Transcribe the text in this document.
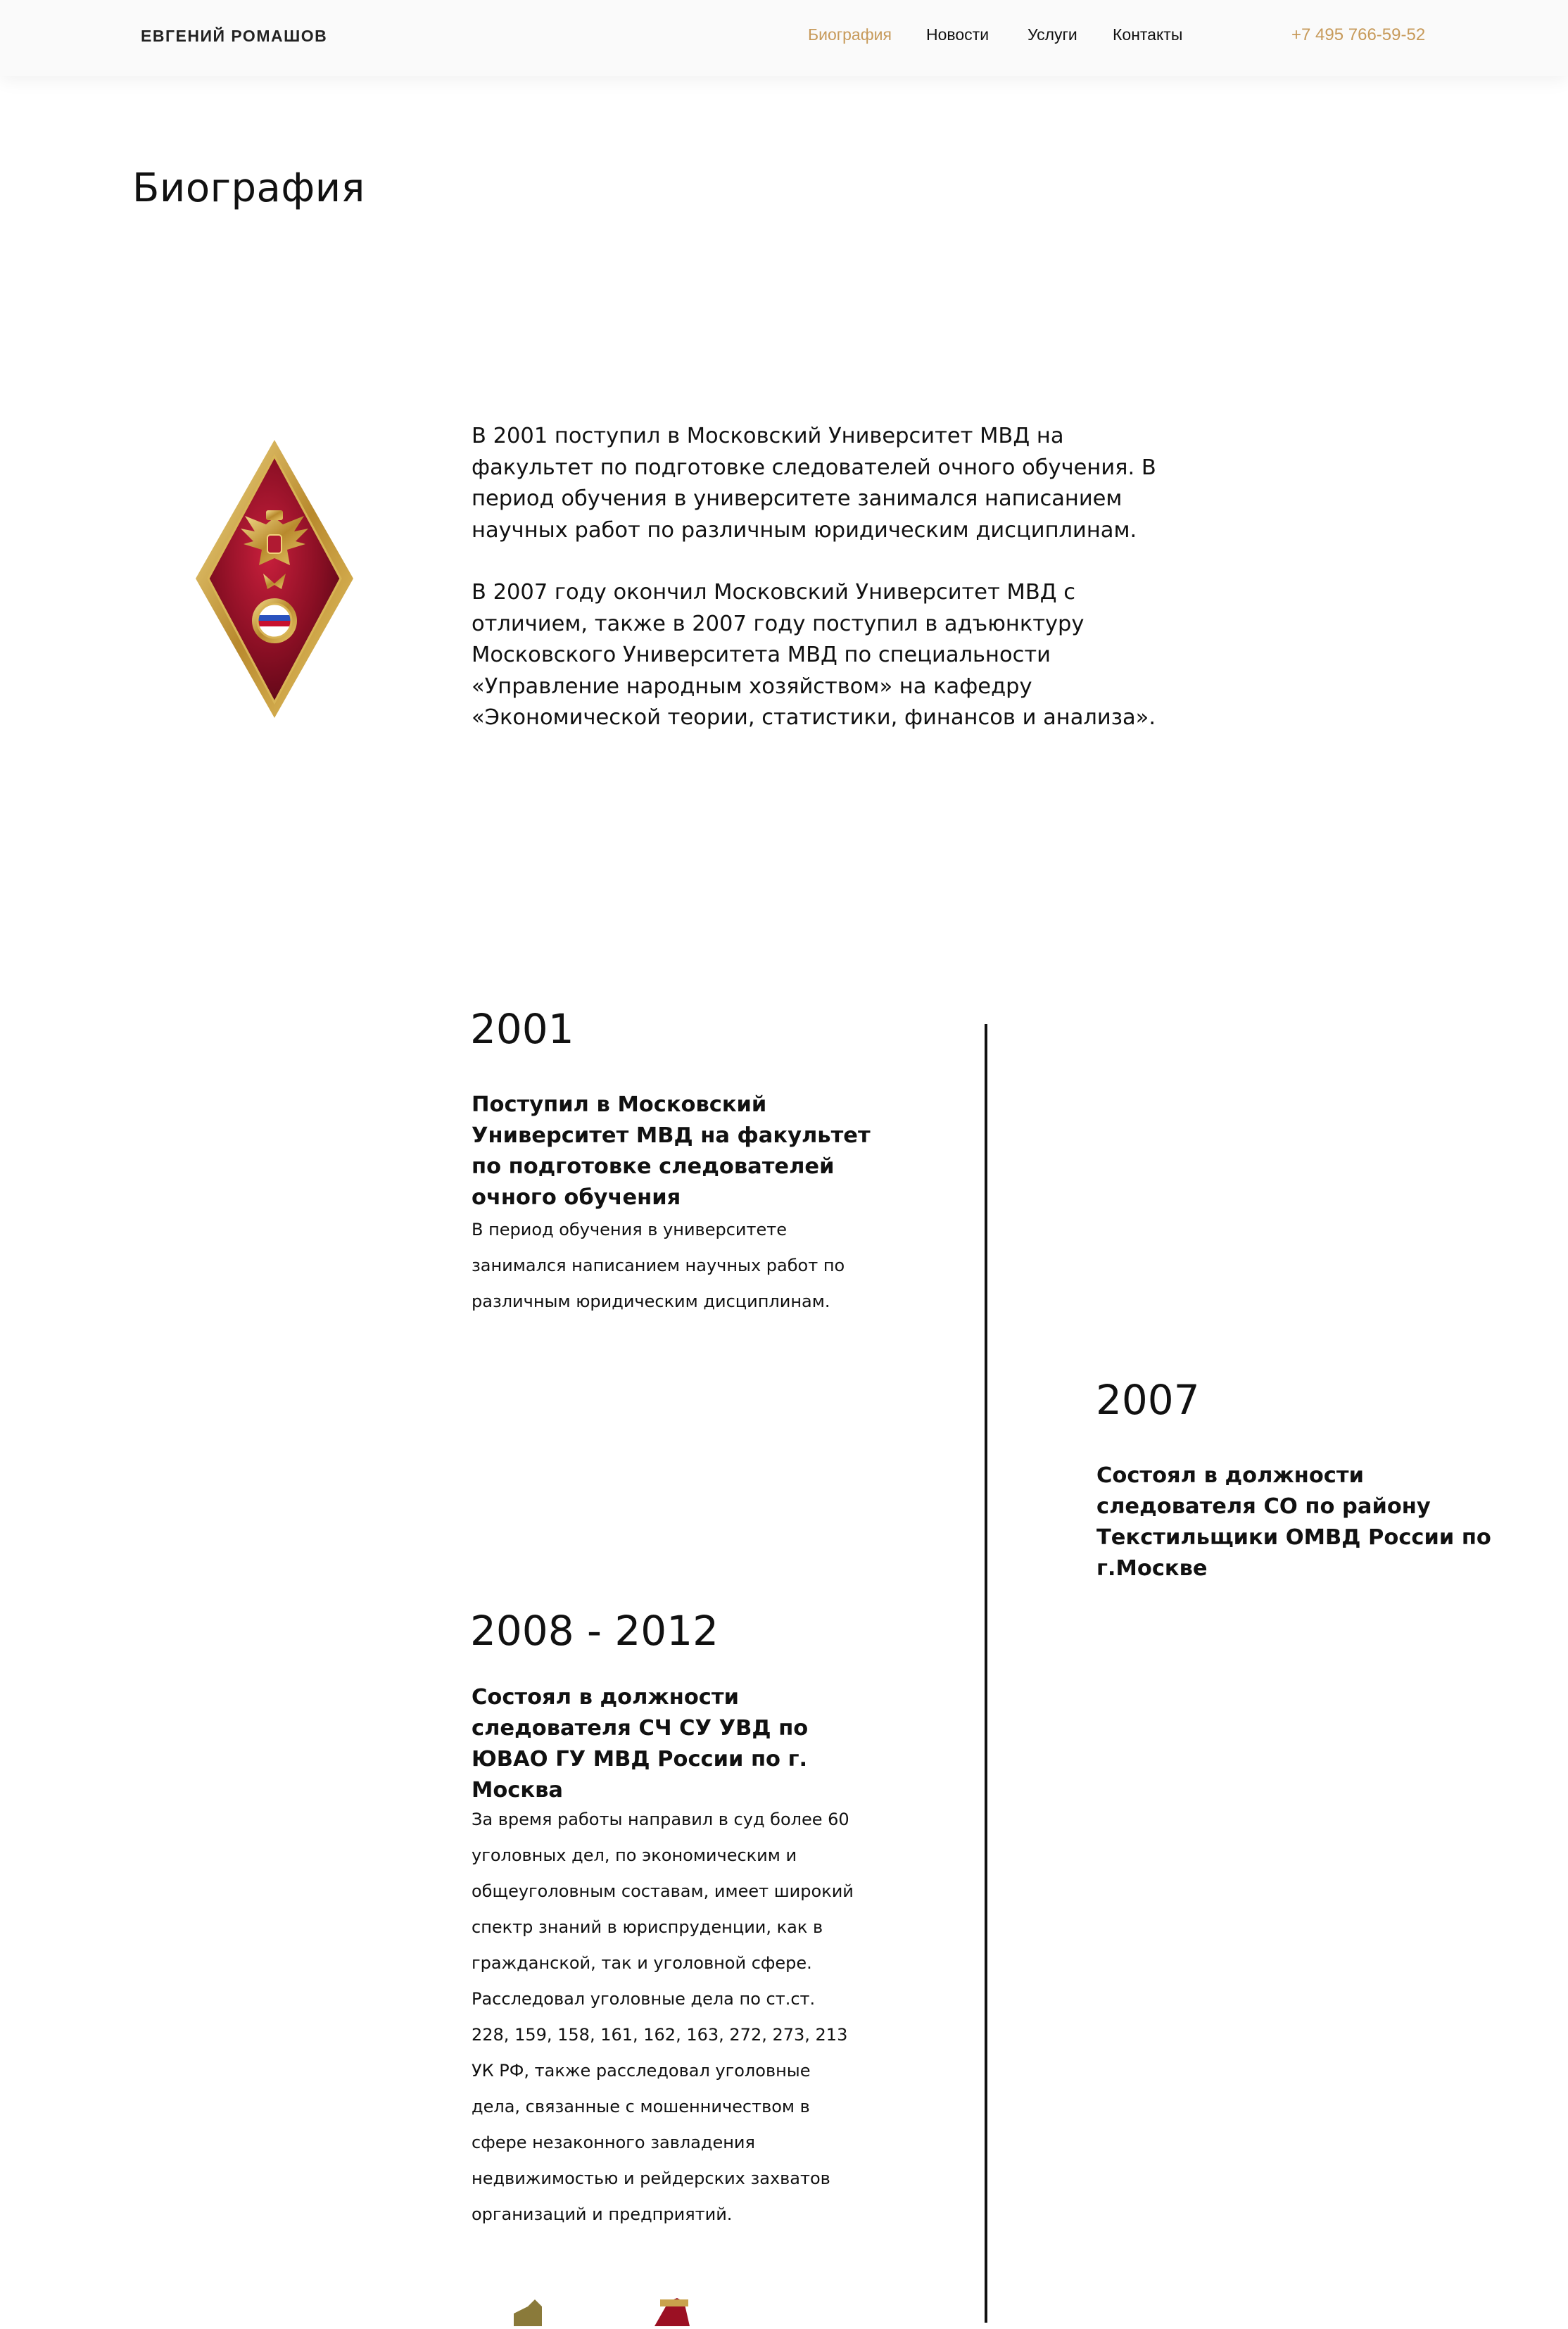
ЕВГЕНИЙ РОМАШОВ	Биография Новости Услуги Контакты	+7 495 766-59-52
Биография

В 2001 поступил в Московский Университет МВД на факультет по подготовке следователей очного обучения. В период обучения в университете занимался написанием научных работ по различным юридическим дисциплинам.

В 2007 году окончил Московский Университет МВД с отличием, также в 2007 году поступил в адъюнктуру Московского Университета МВД по специальности «Управление народным хозяйством» на кафедру «Экономической теории, статистики, финансов и анализа».

2001
Поступил в Московский Университет МВД на факультет по подготовке следователей очного обучения
В период обучения в университете занимался написанием научных работ по различным юридическим дисциплинам.
2007
Состоял в должности следователя СО по району Текстильщики ОМВД России по г.Москве
2008 - 2012
Состоял в должности следователя СЧ СУ УВД по ЮВАО ГУ МВД России по г. Москва
За время работы направил в суд более 60 уголовных дел, по экономическим и общеуголовным составам, имеет широкий спектр знаний в юриспруденции, как в гражданской, так и уголовной сфере. Расследовал уголовные дела по ст.ст. 228, 159, 158, 161, 162, 163, 272, 273, 213 УК РФ, также расследовал уголовные дела, связанные с мошенничеством в сфере незаконного завладения недвижимостью и рейдерских захватов организаций и предприятий.
